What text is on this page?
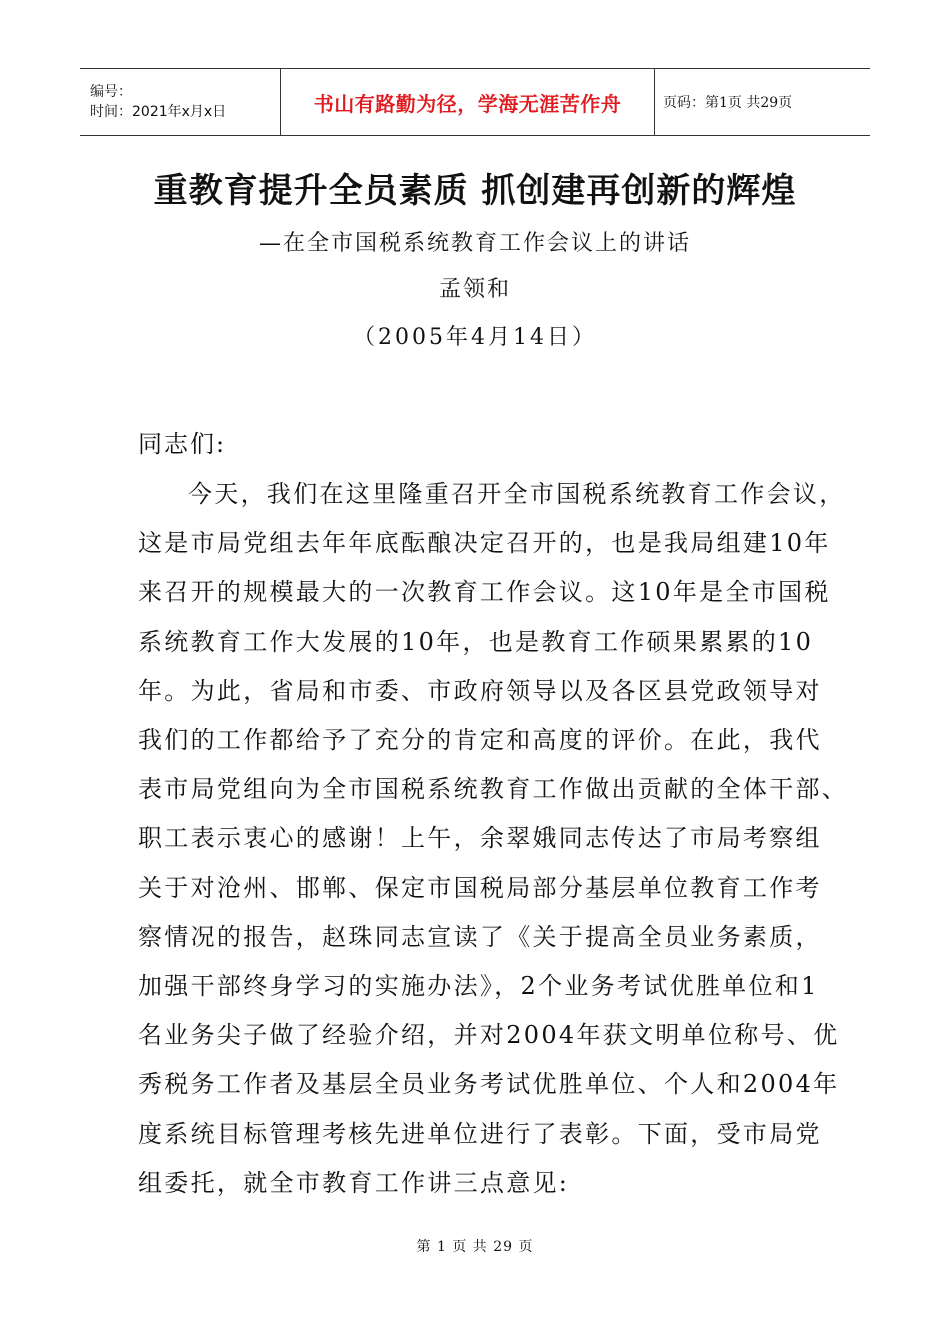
编号：
时间：2021年x月x日	书山有路勤为径，学海无涯苦作舟	页码：第1页 共29页
重教育提升全员素质 抓创建再创新的辉煌
—在全市国税系统教育工作会议上的讲话
孟领和
（2005年4月14日）
同志们:
今天，我们在这里隆重召开全市国税系统教育工作会议，
这是市局党组去年年底酝酿决定召开的，也是我局组建10年
来召开的规模最大的一次教育工作会议。这10年是全市国税
系统教育工作大发展的10年，也是教育工作硕果累累的10
年。为此，省局和市委、市政府领导以及各区县党政领导对
我们的工作都给予了充分的肯定和高度的评价。在此，我代
表市局党组向为全市国税系统教育工作做出贡献的全体干部、
职工表示衷心的感谢！上午，余翠娥同志传达了市局考察组
关于对沧州、邯郸、保定市国税局部分基层单位教育工作考
察情况的报告，赵珠同志宣读了《关于提高全员业务素质，
加强干部终身学习的实施办法》，2个业务考试优胜单位和1
名业务尖子做了经验介绍，并对2004年获文明单位称号、优
秀税务工作者及基层全员业务考试优胜单位、个人和2004年
度系统目标管理考核先进单位进行了表彰。下面，受市局党
组委托，就全市教育工作讲三点意见:
第 1 页 共 29 页
